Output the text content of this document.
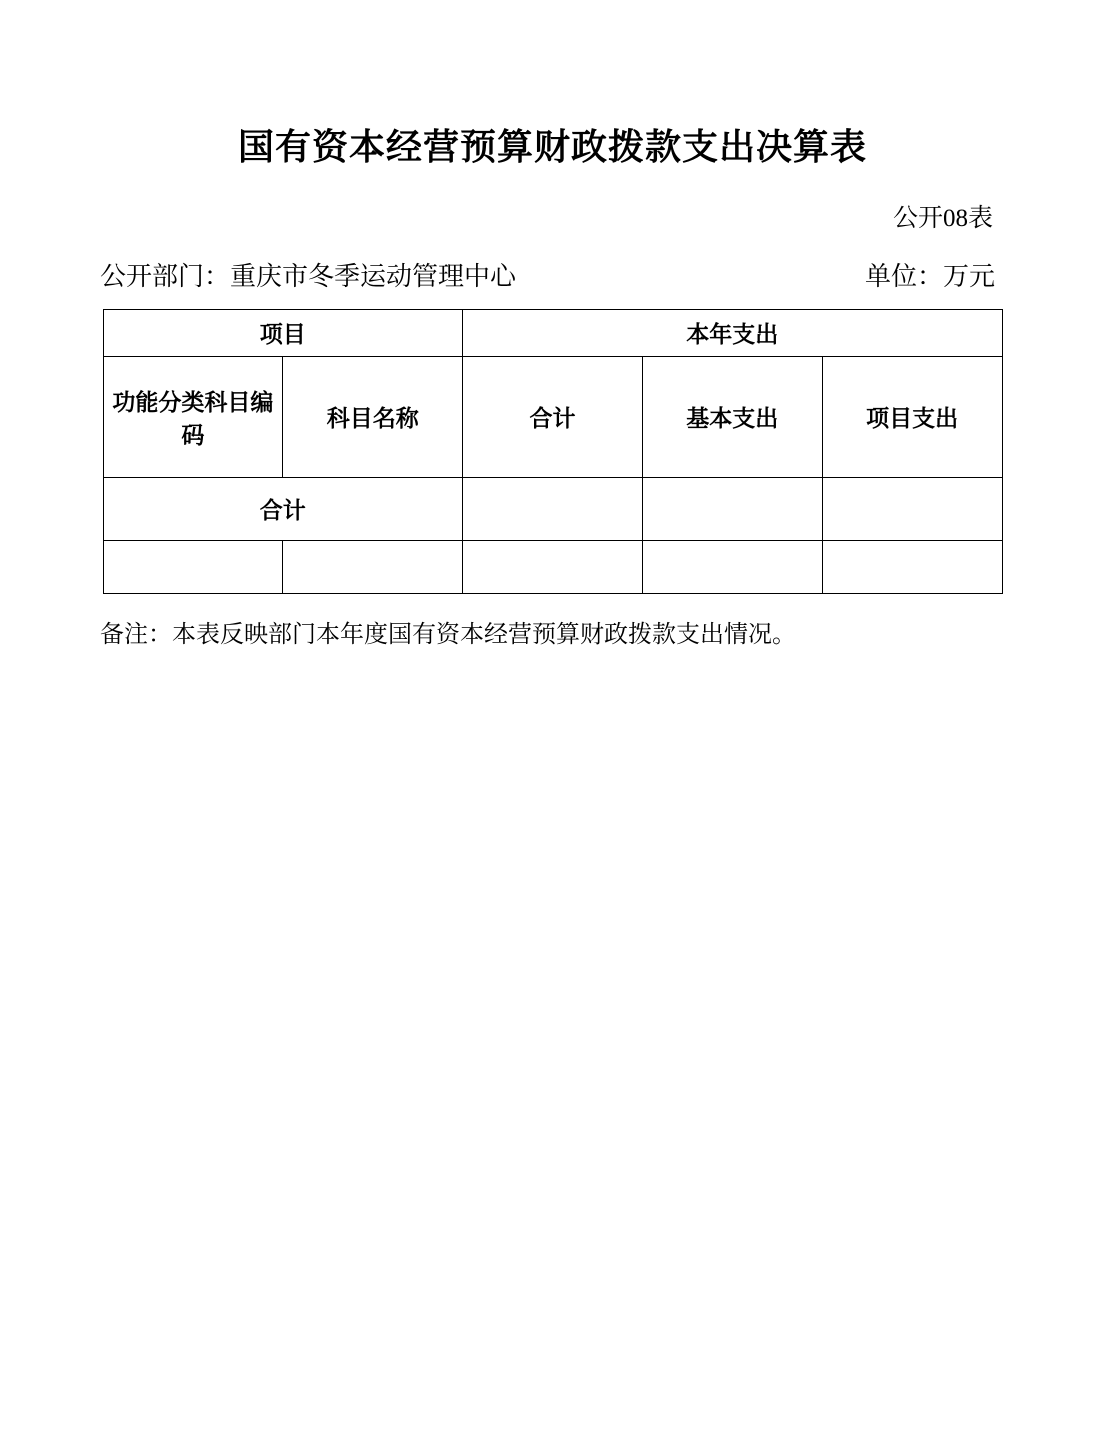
国有资本经营预算财政拨款支出决算表
公开08表
公开部门：重庆市冬季运动管理中心	单位：万元
项目		本年支出		
功能分类科目编码	科目名称	合计	基本支出	项目支出
合计				

备注：本表反映部门本年度国有资本经营预算财政拨款支出情况。
